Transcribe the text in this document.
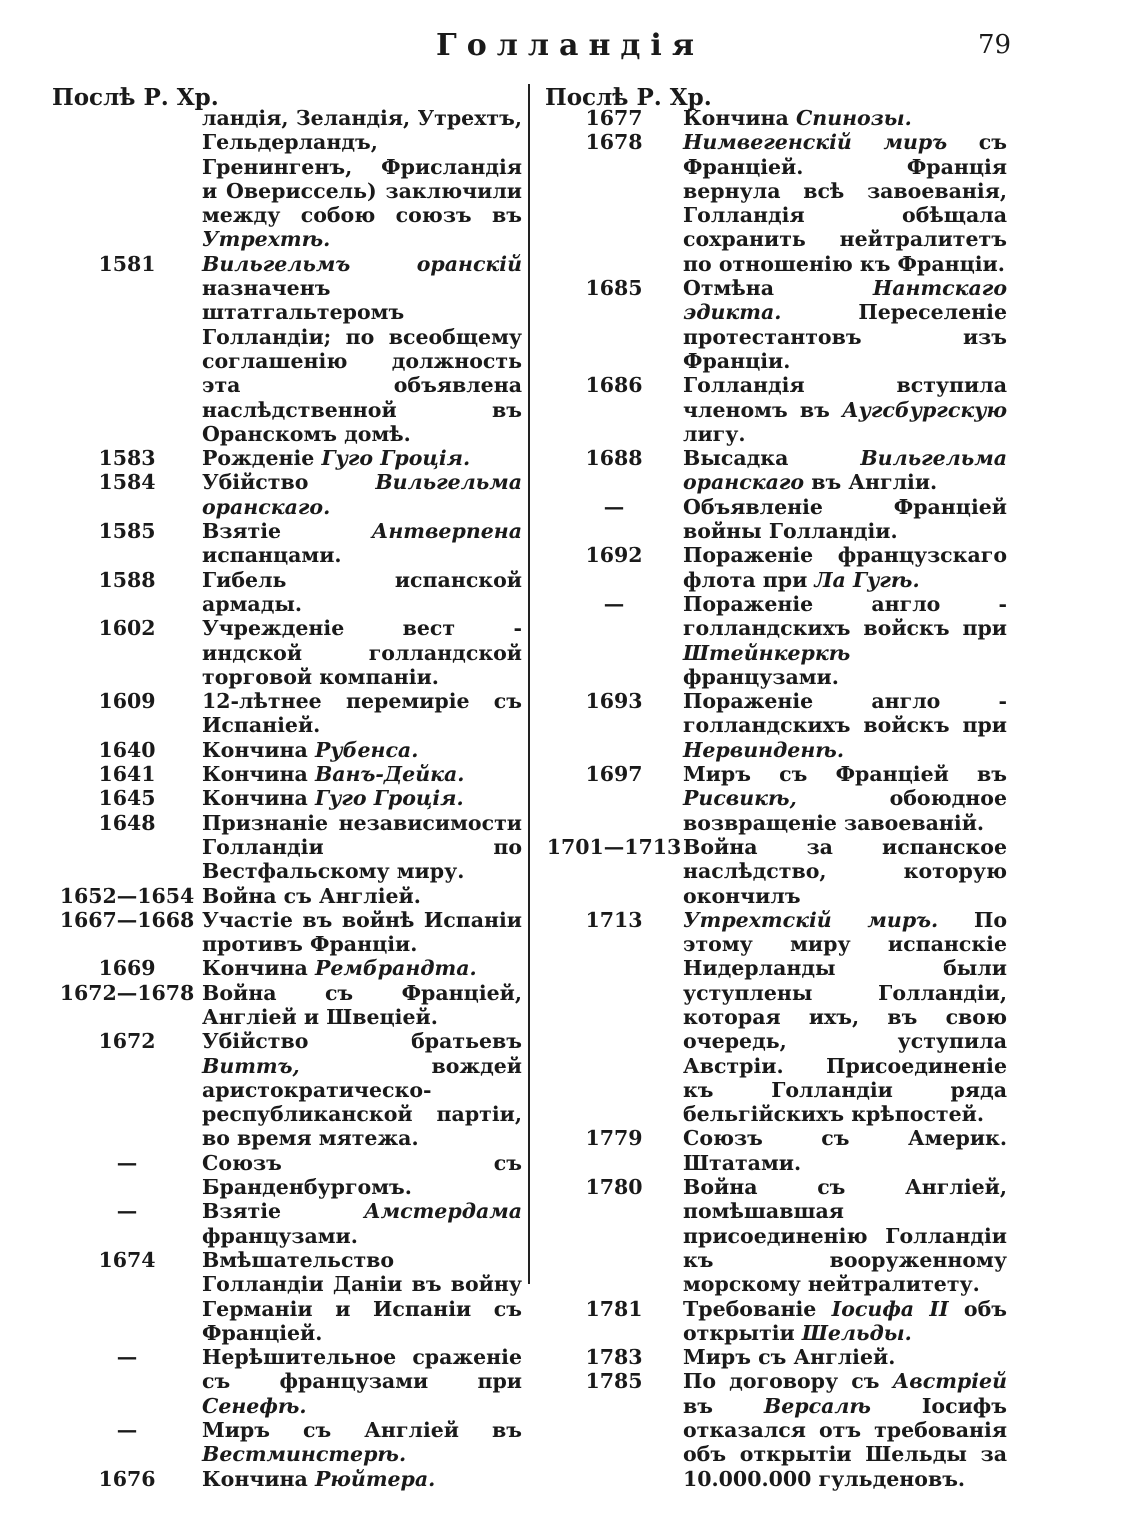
Голландія	79
Послѣ Р. Хр.	Послѣ Р. Хр.
ландія, Зеландія, Утрехтъ, Гельдерландъ, Гренингенъ, Фрисландія и Овериссель) заключили между собою союзъ въ Утрехтѣ.
1581	Вильгельмъ оранскій назначенъ штатгальтеромъ Голландіи; по всеобщему соглашенію должность эта объявлена наслѣдственной въ Оранскомъ домѣ.
1583	Рожденіе Гуго Гроція.
1584	Убійство Вильгельма оранскаго.
1585	Взятіе Антверпена испанцами.
1588	Гибель испанской армады.
1602	Учрежденіе вест - индской голландской торговой компаніи.
1609	12-лѣтнее перемиріе съ Испаніей.
1640	Кончина Рубенса.
1641	Кончина Ванъ-Дейка.
1645	Кончина Гуго Гроція.
1648	Признаніе независимости Голландіи по Вестфальскому миру.
1652—1654 Война съ Англіей.
1667—1668 Участіе въ войнѣ Испаніи противъ Франціи.
1669	Кончина Рембрандта.
1672—1678 Война съ Франціей, Англіей и Швеціей.
1672	Убійство братьевъ Виттъ, вождей аристократическо-республиканской партіи, во время мятежа.
—	Союзъ съ Бранденбургомъ.
—	Взятіе Амстердама французами.
1674	Вмѣшательство Голландіи Даніи въ войну Германіи и Испаніи съ Франціей.
—	Нерѣшительное сраженіе съ французами при Сенефѣ.
—	Миръ съ Англіей въ Вестминстерѣ.
1676	Кончина Рюйтера.
1677	Кончина Спинозы.
1678	Нимвегенскій миръ съ Франціей. Франція вернула всѣ завоеванія, Голландія обѣщала сохранить нейтралитетъ по отношенію къ Франціи.
1685	Отмѣна Нантскаго эдикта. Переселеніе протестантовъ изъ Франціи.
1686	Голландія вступила членомъ въ Аугсбургскую лигу.
1688	Высадка Вильгельма оранскаго въ Англіи.
—	Объявленіе Франціей войны Голландіи.
1692	Пораженіе французскаго флота при Ла Гугѣ.
—	Пораженіе англо - голландскихъ войскъ при Штейнкеркѣ французами.
1693	Пораженіе англо - голландскихъ войскъ при Нервинденѣ.
1697	Миръ съ Франціей въ Рисвикѣ, обоюдное возвращеніе завоеваній.
1701—1713 Война за испанское наслѣдство, которую окончилъ
1713	Утрехтскій миръ. По этому миру испанскіе Нидерланды были уступлены Голландіи, которая ихъ, въ свою очередь, уступила Австріи. Присоединеніе къ Голландіи ряда бельгійскихъ крѣпостей.
1779	Союзъ съ Америк. Штатами.
1780	Война съ Англіей, помѣшавшая присоединенію Голландіи къ вооруженному морскому нейтралитету.
1781	Требованіе Іосифа II объ открытіи Шельды.
1783	Миръ съ Англіей.
1785	По договору съ Австріей въ Версалѣ Іосифъ отказался отъ требованія объ открытіи Шельды за 10.000.000 гульденовъ.
